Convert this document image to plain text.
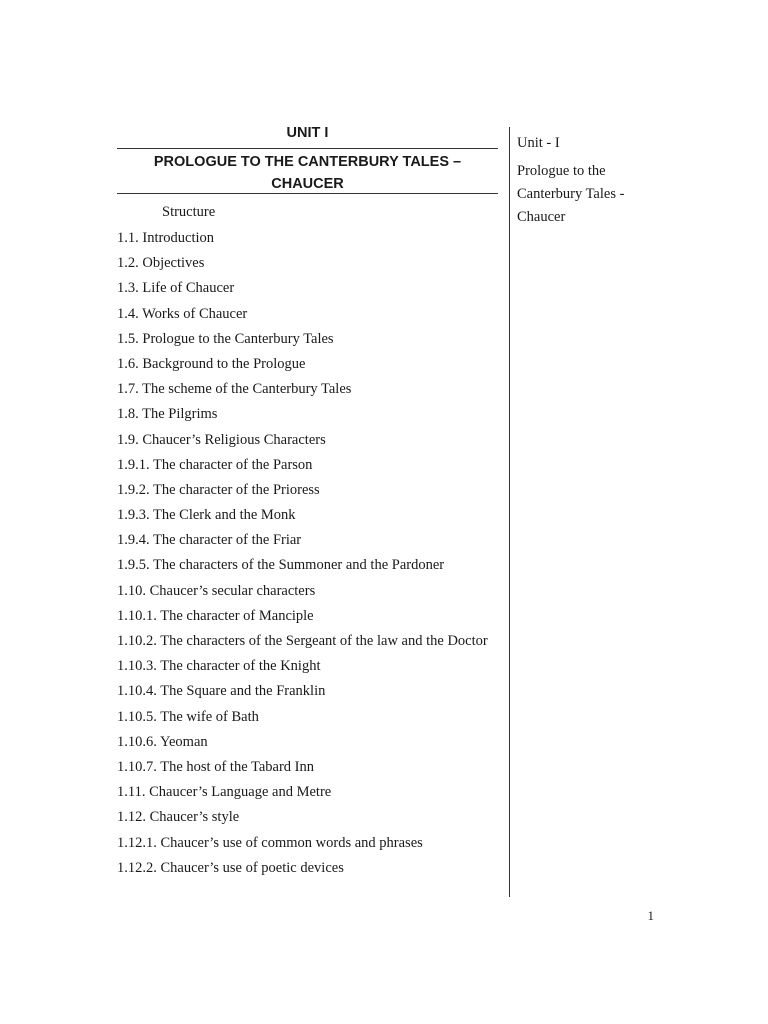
UNIT I
PROLOGUE TO THE CANTERBURY TALES –
CHAUCER
Structure
1.1. Introduction
1.2. Objectives
1.3. Life of Chaucer
1.4. Works of Chaucer
1.5. Prologue to the Canterbury Tales
1.6. Background to the Prologue
1.7. The scheme of the Canterbury Tales
1.8. The Pilgrims
1.9. Chaucer’s Religious Characters
1.9.1. The character of the Parson
1.9.2. The character of the Prioress
1.9.3. The Clerk and the Monk
1.9.4. The character of the Friar
1.9.5. The characters of the Summoner and the Pardoner
1.10. Chaucer’s secular characters
1.10.1. The character of Manciple
1.10.2. The characters of the Sergeant of the law and the Doctor
1.10.3. The character of the Knight
1.10.4. The Square and the Franklin
1.10.5. The wife of Bath
1.10.6. Yeoman
1.10.7. The host of the Tabard Inn
1.11. Chaucer’s Language and Metre
1.12. Chaucer’s style
1.12.1. Chaucer’s use of common words and phrases
1.12.2. Chaucer’s use of poetic devices
Unit - I
Prologue to the
Canterbury Tales -
Chaucer
1
